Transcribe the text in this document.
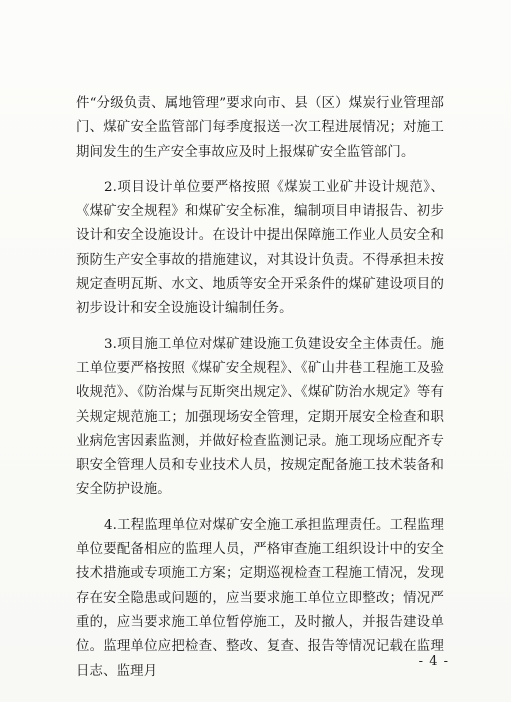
件“分级负责、属地管理”要求向市、县（区）煤炭行业管理部门、煤矿安全监管部门每季度报送一次工程进展情况；对施工期间发生的生产安全事故应及时上报煤矿安全监管部门。

2.项目设计单位要严格按照《煤炭工业矿井设计规范》、《煤矿安全规程》和煤矿安全标准，编制项目申请报告、初步设计和安全设施设计。在设计中提出保障施工作业人员安全和预防生产安全事故的措施建议，对其设计负责。不得承担未按规定查明瓦斯、水文、地质等安全开采条件的煤矿建设项目的初步设计和安全设施设计编制任务。

3.项目施工单位对煤矿建设施工负建设安全主体责任。施工单位要严格按照《煤矿安全规程》、《矿山井巷工程施工及验收规范》、《防治煤与瓦斯突出规定》、《煤矿防治水规定》等有关规定规范施工；加强现场安全管理，定期开展安全检查和职业病危害因素监测，并做好检查监测记录。施工现场应配齐专职安全管理人员和专业技术人员，按规定配备施工技术装备和安全防护设施。

4.工程监理单位对煤矿安全施工承担监理责任。工程监理单位要配备相应的监理人员，严格审查施工组织设计中的安全技术措施或专项施工方案；定期巡视检查工程施工情况，发现存在安全隐患或问题的，应当要求施工单位立即整改；情况严重的，应当要求施工单位暂停施工，及时撤人，并报告建设单位。监理单位应把检查、整改、复查、报告等情况记载在监理日志、监理月

- 4 -
